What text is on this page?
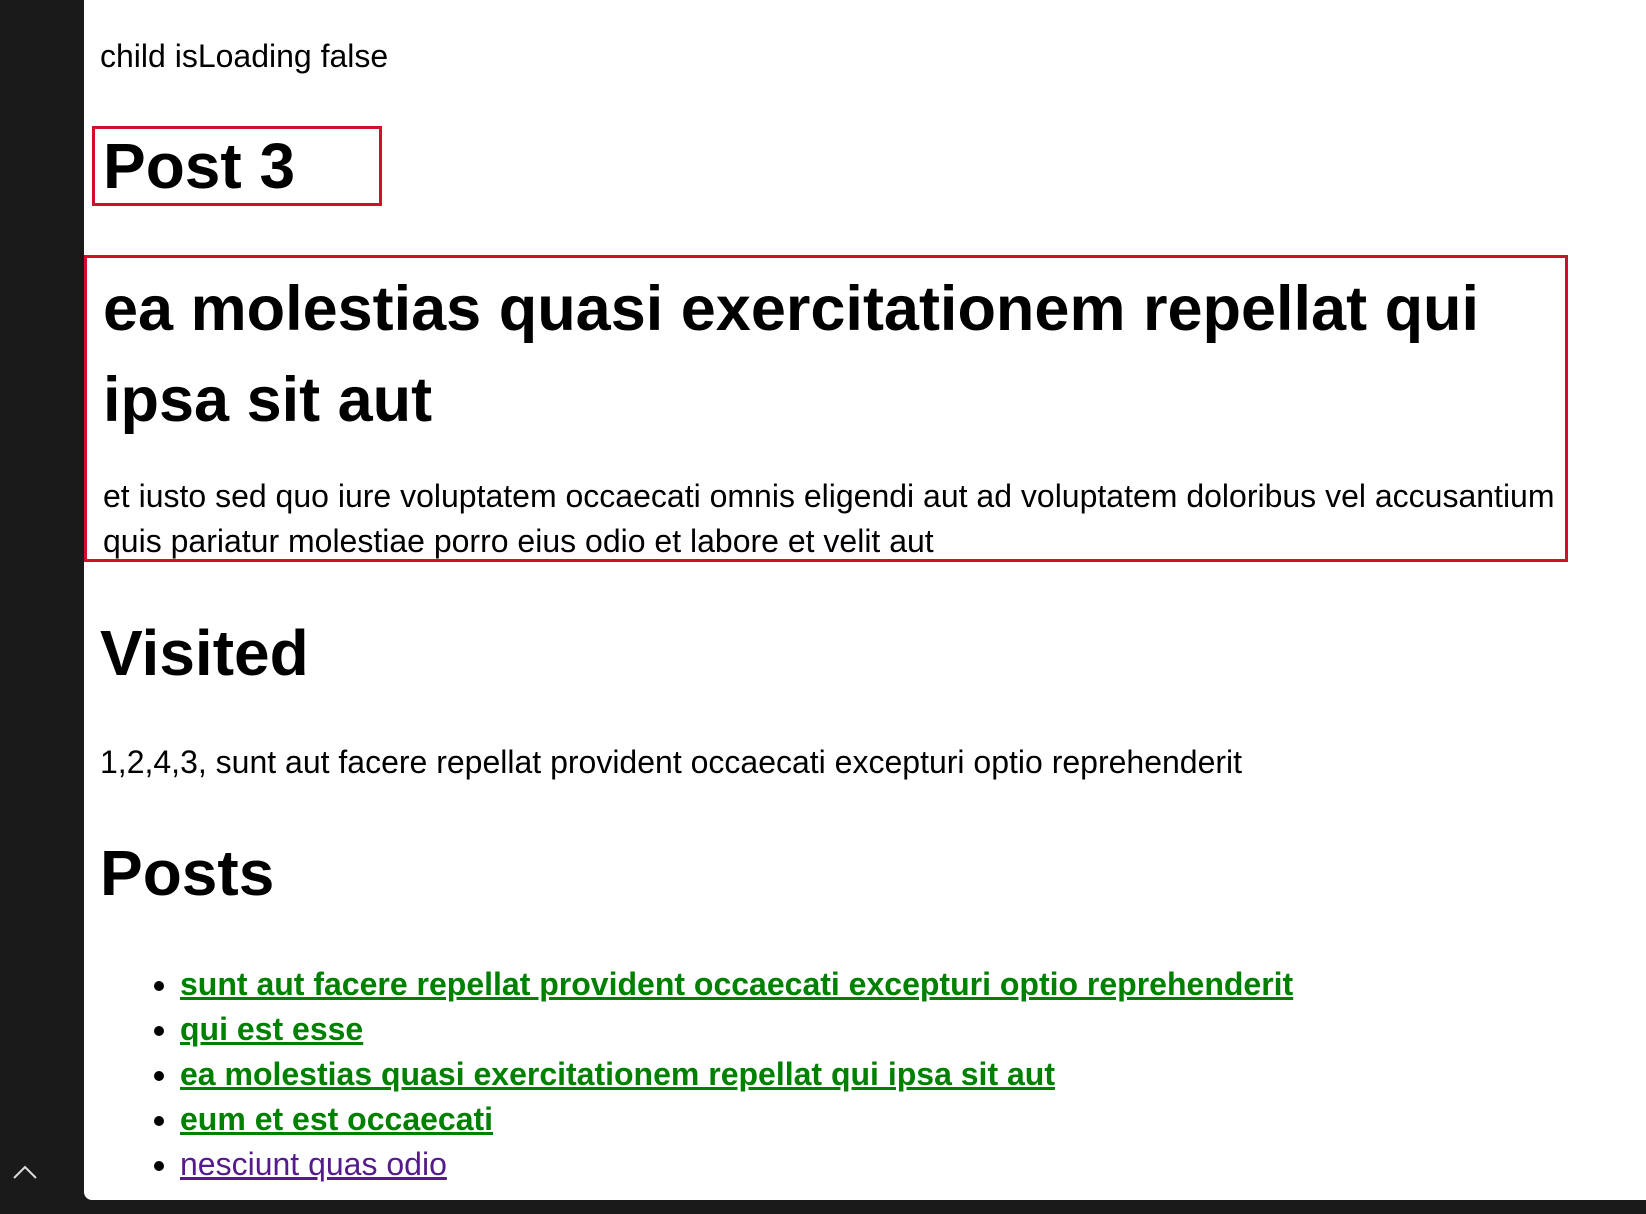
child isLoading false
Post 3
ea molestias quasi exercitationem repellat qui ipsa sit aut

et iusto sed quo iure voluptatem occaecati omnis eligendi aut ad voluptatem doloribus vel accusantium quis pariatur molestiae porro eius odio et labore et velit aut

Visited
1,2,4,3, sunt aut facere repellat provident occaecati excepturi optio reprehenderit
Posts
• sunt aut facere repellat provident occaecati excepturi optio reprehenderit
• qui est esse
• ea molestias quasi exercitationem repellat qui ipsa sit aut
• eum et est occaecati
• nesciunt quas odio
